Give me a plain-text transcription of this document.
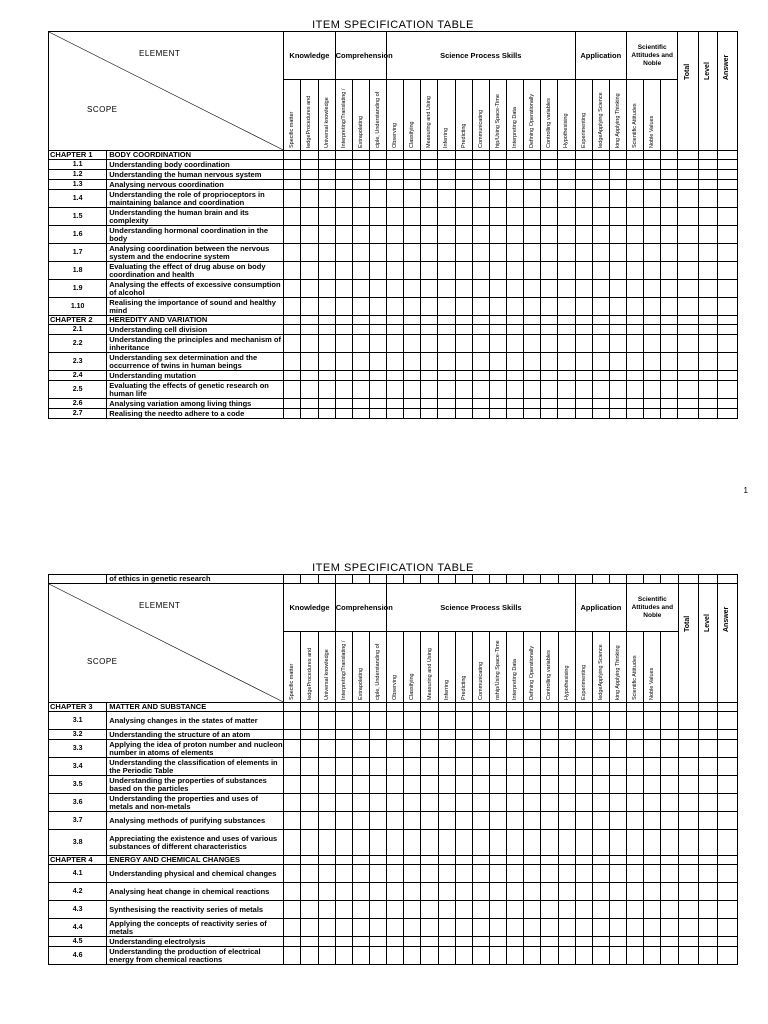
ITEM SPECIFICATION TABLE
ELEMENT
SCOPE		Knowledge			Comprehension			Science Process Skills											Application			Scientific Attitudes and Noble			Total	Level	Answer

		Specific matter	ledgeProcedures and	Universal knowledge	Interpreting/Translating /	Extrapolating	ciple, Understanding of	Observing	Classifying	Measuring and Using	Inferring	Predicting	Communicating	hip/Using Space-Time	Interpreting Data	Defining Operationally	Controlling variables	Hypothesising	Experimenting	ledgeApplying Science	king Applying Thinking	Scientific Attitudes	Noble Values				

CHAPTER 1	BODY COORDINATION																										
1.1	Understanding body coordination																										
1.2	Understanding the human nervous system																										
1.3	Analysing nervous coordination																										
1.4	Understanding the role of proprioceptors in maintaining balance and coordination																										
1.5	Understanding the human brain and its complexity																										
1.6	Understanding hormonal coordination in the body																										
1.7	Analysing coordination between the nervous system and the endocrine system																										
1.8	Evaluating the effect of drug abuse on body coordination and health																										
1.9	Analysing the effects of excessive consumption of alcohol																										
1.10	Realising the importance of sound and healthy mind																										
CHAPTER 2	HEREDITY AND VARIATION																										
2.1	Understanding cell division																										
2.2	Understanding the principles and mechanism of inheritance																										
2.3	Understanding sex determination and the occurrence of twins in human beings																										
2.4	Understanding mutation																										
2.5	Evaluating the effects of genetic research on human life																										
2.6	Analysing variation among living things																										
2.7	Realising the needto adhere to a code																										
1
ITEM SPECIFICATION TABLE
	of ethics in genetic research																										

ELEMENT
SCOPE		Knowledge			Comprehension			Science Process Skills											Application			Scientific Attitudes and Noble			Total	Level	Answer

		Specific matter	ledgeProcedures and	Universal knowledge	Interpreting/Translating /	Extrapolating	ciple, Understanding of	Observing	Classifying	Measuring and Using	Inferring	Predicting	Communicating	nship/Using Space-Time	Interpreting Data	Defining Operationally	Controlling variables	Hypothesising	Experimenting	ledgeApplying Science	king Applying Thinking	Scientific Attitudes	Noble Values				

CHAPTER 3	MATTER AND SUBSTANCE																										
3.1	Analysing changes in the states of matter																										
3.2	Understanding the structure of an atom																										
3.3	Applying the idea of proton number and nucleon number in atoms of elements																										
3.4	Understanding the classification of elements in the Periodic Table																										
3.5	Understanding the properties of substances based on the particles																										
3.6	Understanding the properties and uses of metals and non-metals																										
3.7	Analysing methods of purifying substances																										
3.8	Appreciating the existence and uses of various substances of different characteristics																										
CHAPTER 4	ENERGY AND CHEMICAL CHANGES																										
4.1	Understanding physical and chemical changes																										
4.2	Analysing heat change in chemical reactions																										
4.3	Synthesising the reactivity series of metals																										
4.4	Applying the concepts of reactivity series of metals																										
4.5	Understanding electrolysis																										
4.6	Understanding the production of electrical energy from chemical reactions																										
